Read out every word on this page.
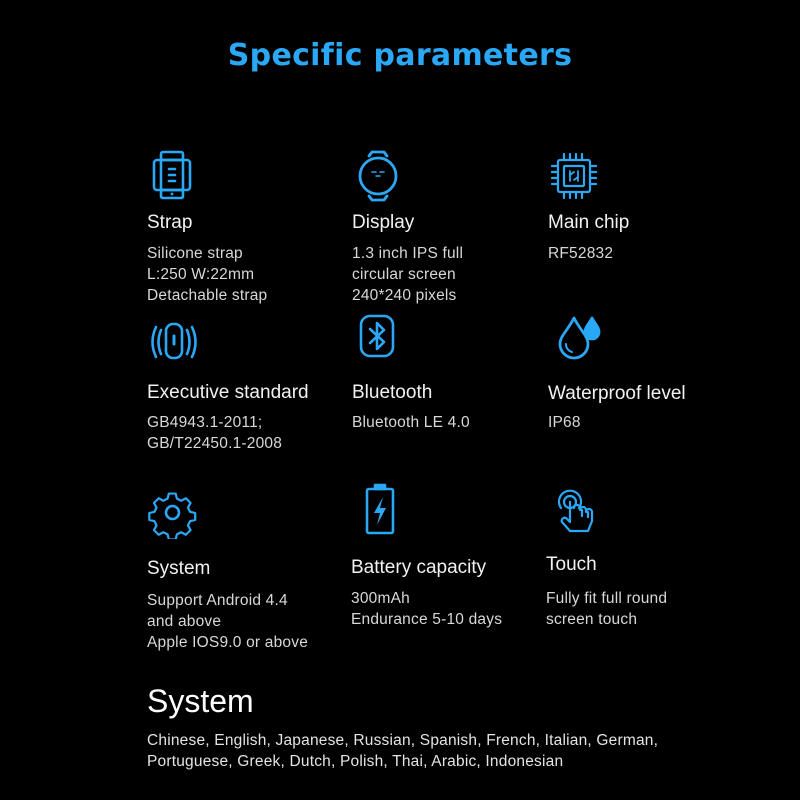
Specific parameters
Strap
Silicone strap
L:250 W:22mm
Detachable strap
Display
1.3 inch IPS full
circular screen
240*240 pixels
Main chip
RF52832
Executive standard
GB4943.1-2011;
GB/T22450.1-2008
Bluetooth
Bluetooth LE 4.0
Waterproof level
IP68
System
Support Android 4.4
and above
Apple IOS9.0 or above
Battery capacity
300mAh
Endurance 5-10 days
Touch
Fully fit full round
screen touch
System
Chinese, English, Japanese, Russian, Spanish, French, Italian, German, Portuguese, Greek, Dutch, Polish, Thai, Arabic, Indonesian
